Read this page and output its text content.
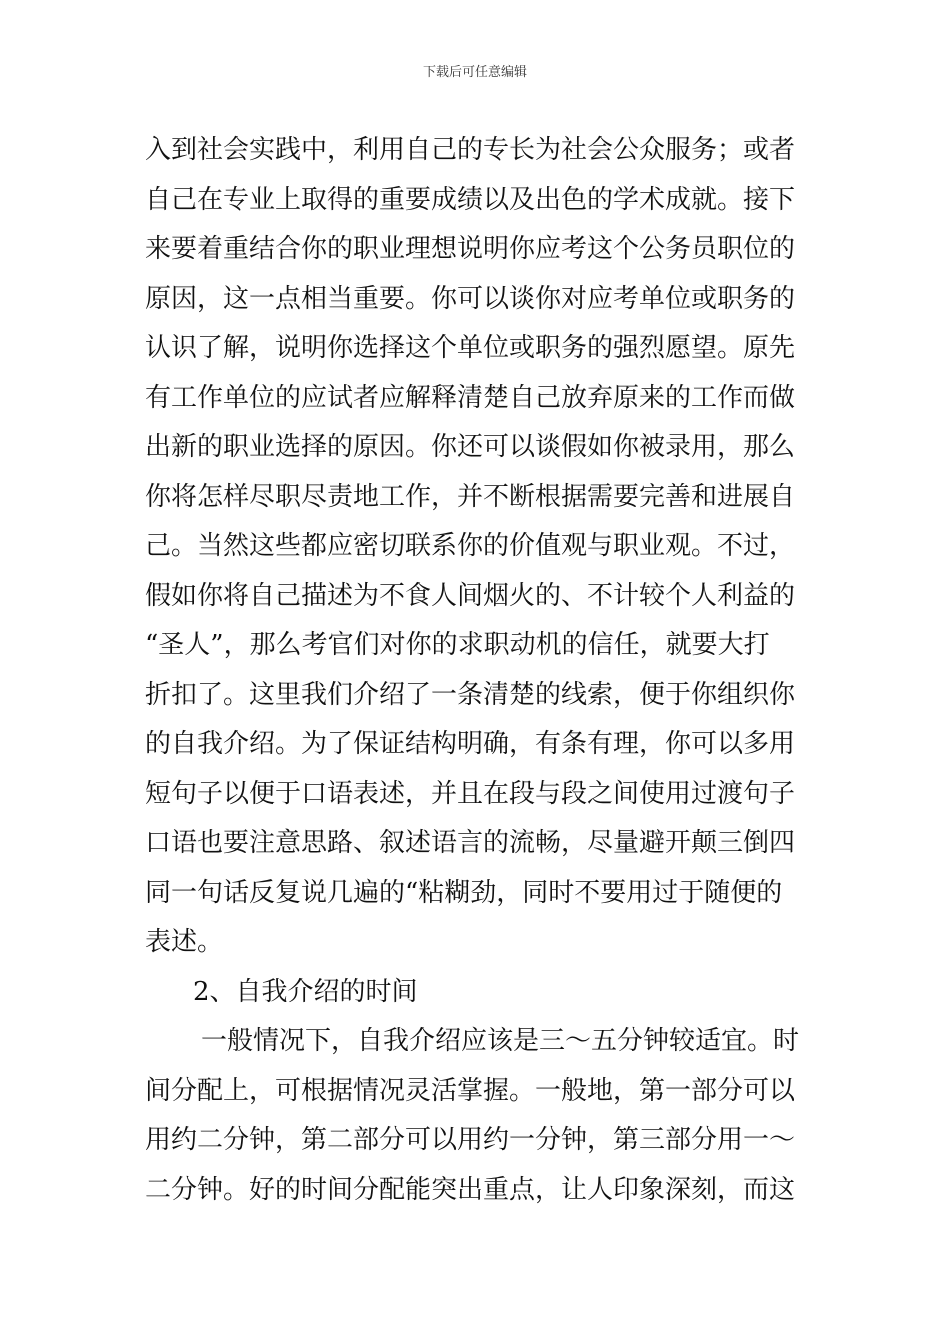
下载后可任意编辑
入到社会实践中，利用自己的专长为社会公众服务；或者
自己在专业上取得的重要成绩以及出色的学术成就。接下
来要着重结合你的职业理想说明你应考这个公务员职位的
原因，这一点相当重要。你可以谈你对应考单位或职务的
认识了解，说明你选择这个单位或职务的强烈愿望。原先
有工作单位的应试者应解释清楚自己放弃原来的工作而做
出新的职业选择的原因。你还可以谈假如你被录用，那么
你将怎样尽职尽责地工作，并不断根据需要完善和进展自
己。当然这些都应密切联系你的价值观与职业观。不过，
假如你将自己描述为不食人间烟火的、不计较个人利益的
“圣人”，那么考官们对你的求职动机的信任，就要大打
折扣了。这里我们介绍了一条清楚的线索，便于你组织你
的自我介绍。为了保证结构明确，有条有理，你可以多用
短句子以便于口语表述，并且在段与段之间使用过渡句子
口语也要注意思路、叙述语言的流畅，尽量避开颠三倒四
同一句话反复说几遍的“粘糊劲，同时不要用过于随便的
表述。
2、自我介绍的时间
一般情况下，自我介绍应该是三～五分钟较适宜。时
间分配上，可根据情况灵活掌握。一般地，第一部分可以
用约二分钟，第二部分可以用约一分钟，第三部分用一～
二分钟。好的时间分配能突出重点，让人印象深刻，而这
